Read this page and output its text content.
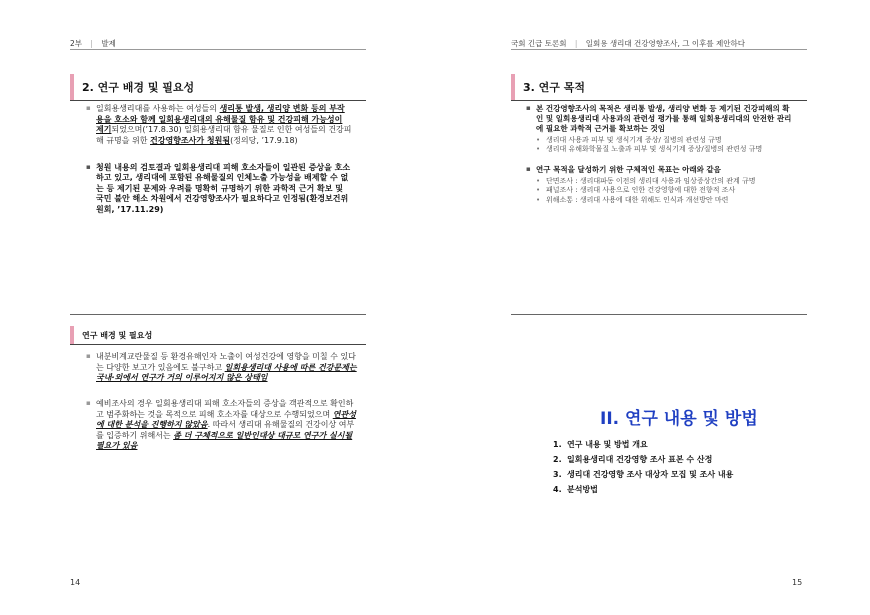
2부 | 발제	국회 긴급 토론회 | 일회용 생리대 건강영향조사, 그 이후를 제안하다
2. 연구 배경 및 필요성
▪ 일회용생리대를 사용하는 여성들의 생리통 발생, 생리양 변화 등의 부작용을 호소와 함께 일회용생리대의 유해물질 함유 및 건강피해 가능성이 제기되었으며(’17.8.30) 일회용생리대 함유 물질로 인한 여성들의 건강피해 규명을 위한 건강영향조사가 청원됨(정의당, ’17.9.18)
▪ 청원 내용의 검토결과 일회용생리대 피해 호소자들이 일관된 증상을 호소하고 있고, 생리대에 포함된 유해물질의 인체노출 가능성을 배제할 수 없는 등 제기된 문제와 우려를 명확히 규명하기 위한 과학적 근거 확보 및 국민 불안 해소 차원에서 건강영향조사가 필요하다고 인정됨(환경보건위원회, ’17.11.29)
3. 연구 목적
▪ 본 건강영향조사의 목적은 생리통 발생, 생리양 변화 등 제기된 건강피해의 확인 및 일회용생리대 사용과의 관련성 평가를 통해 일회용생리대의 안전한 관리에 필요한 과학적 근거를 확보하는 것임
• 생리대 사용과 피부 및 생식기계 증상/ 질병의 관련성 규명
• 생리대 유해화학물질 노출과 피부 및 생식기계 증상/질병의 관련성 규명
▪ 연구 목적을 달성하기 위한 구체적인 목표는 아래와 같음
• 단면조사 : 생리대파동 이전의 생리대 사용과 임상증상간의 관계 규명
• 패널조사 : 생리대 사용으로 인한 건강영향에 대한 전향적 조사
• 위해소통 : 생리대 사용에 대한 위해도 인식과 개선방안 마련
연구 배경 및 필요성
▪ 내분비계교란물질 등 환경유해인자 노출이 여성건강에 영향을 미칠 수 있다는 다양한 보고가 있음에도 불구하고 일회용생리대 사용에 따른 건강문제는 국내·외에서 연구가 거의 이루어지지 않은 상태임
▪ 예비조사의 경우 일회용생리대 피해 호소자들의 증상을 객관적으로 확인하고 범주화하는 것을 목적으로 피해 호소자를 대상으로 수행되었으며 연관성에 대한 분석을 진행하지 않았음. 따라서 생리대 유해물질의 건강이상 여부를 입증하기 위해서는 좀 더 구체적으로 일반인대상 대규모 연구가 실시될 필요가 있음
II. 연구 내용 및 방법
1. 연구 내용 및 방법 개요
2. 일회용생리대 건강영향 조사 표본 수 산정
3. 생리대 건강영향 조사 대상자 모집 및 조사 내용
4. 분석방법
14	15
